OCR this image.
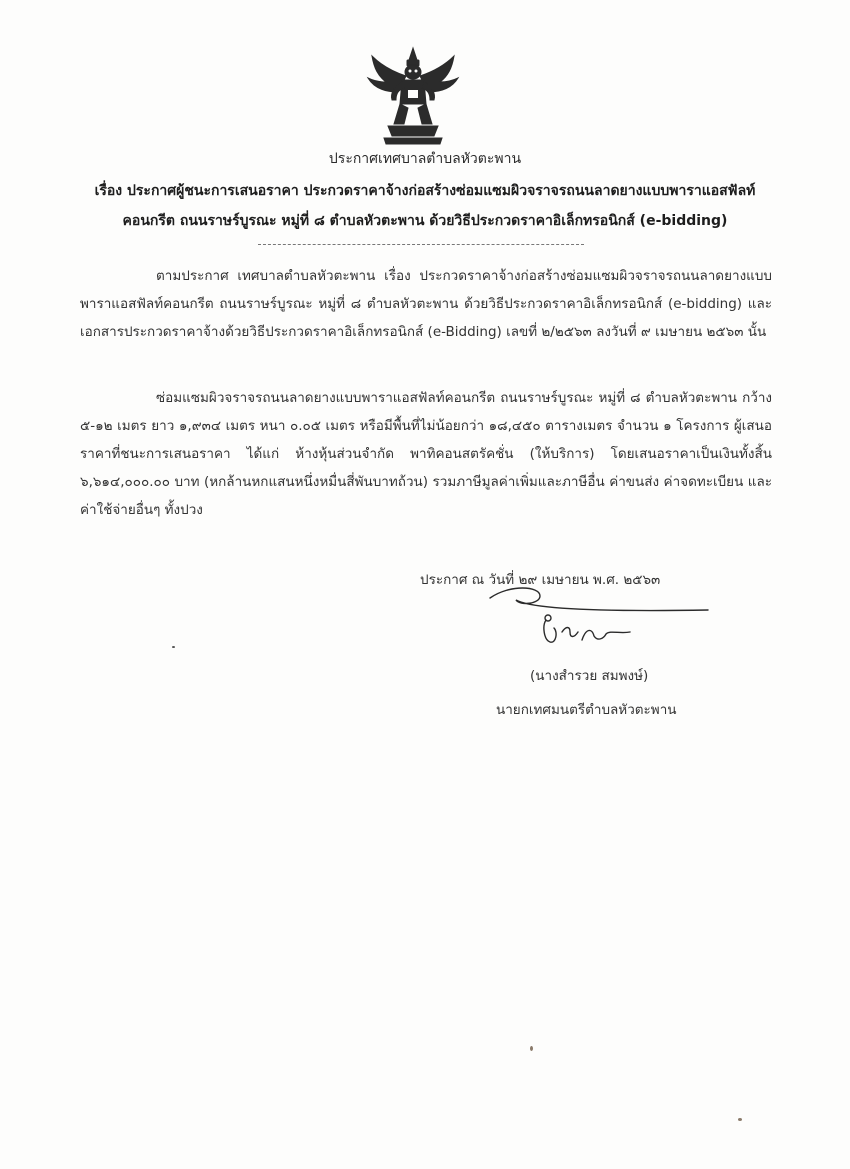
ประกาศเทศบาลตำบลหัวตะพาน
เรื่อง ประกาศผู้ชนะการเสนอราคา ประกวดราคาจ้างก่อสร้างซ่อมแซมผิวจราจรถนนลาดยางแบบพาราแอสฟัลท์
คอนกรีต ถนนราษร์บูรณะ หมู่ที่ ๘ ตำบลหัวตะพาน ด้วยวิธีประกวดราคาอิเล็กทรอนิกส์ (e-bidding)
ตามประกาศ เทศบาลตำบลหัวตะพาน เรื่อง ประกวดราคาจ้างก่อสร้างซ่อมแซมผิวจราจรถนนลาดยางแบบพาราแอสฟัลท์คอนกรีต ถนนราษร์บูรณะ หมู่ที่ ๘ ตำบลหัวตะพาน ด้วยวิธีประกวดราคาอิเล็กทรอนิกส์ (e-bidding) และเอกสารประกวดราคาจ้างด้วยวิธีประกวดราคาอิเล็กทรอนิกส์ (e-Bidding) เลขที่ ๒/๒๕๖๓ ลงวันที่ ๙ เมษายน ๒๕๖๓ นั้น
ซ่อมแซมผิวจราจรถนนลาดยางแบบพาราแอสฟัลท์คอนกรีต ถนนราษร์บูรณะ หมู่ที่ ๘ ตำบลหัวตะพาน กว้าง ๕-๑๒ เมตร ยาว ๑,๙๓๔ เมตร หนา ๐.๐๕ เมตร หรือมีพื้นที่ไม่น้อยกว่า ๑๘,๔๕๐ ตารางเมตร จำนวน ๑ โครงการ ผู้เสนอราคาที่ชนะการเสนอราคา ได้แก่ ห้างหุ้นส่วนจำกัด พาทิคอนสตรัคชั่น (ให้บริการ) โดยเสนอราคาเป็นเงินทั้งสิ้น ๖,๖๑๔,๐๐๐.๐๐ บาท (หกล้านหกแสนหนึ่งหมื่นสี่พันบาทถ้วน) รวมภาษีมูลค่าเพิ่มและภาษีอื่น ค่าขนส่ง ค่าจดทะเบียน และค่าใช้จ่ายอื่นๆ ทั้งปวง
ประกาศ ณ วันที่ ๒๙ เมษายน พ.ศ. ๒๕๖๓
(นางสำรวย สมพงษ์)
นายกเทศมนตรีตำบลหัวตะพาน
